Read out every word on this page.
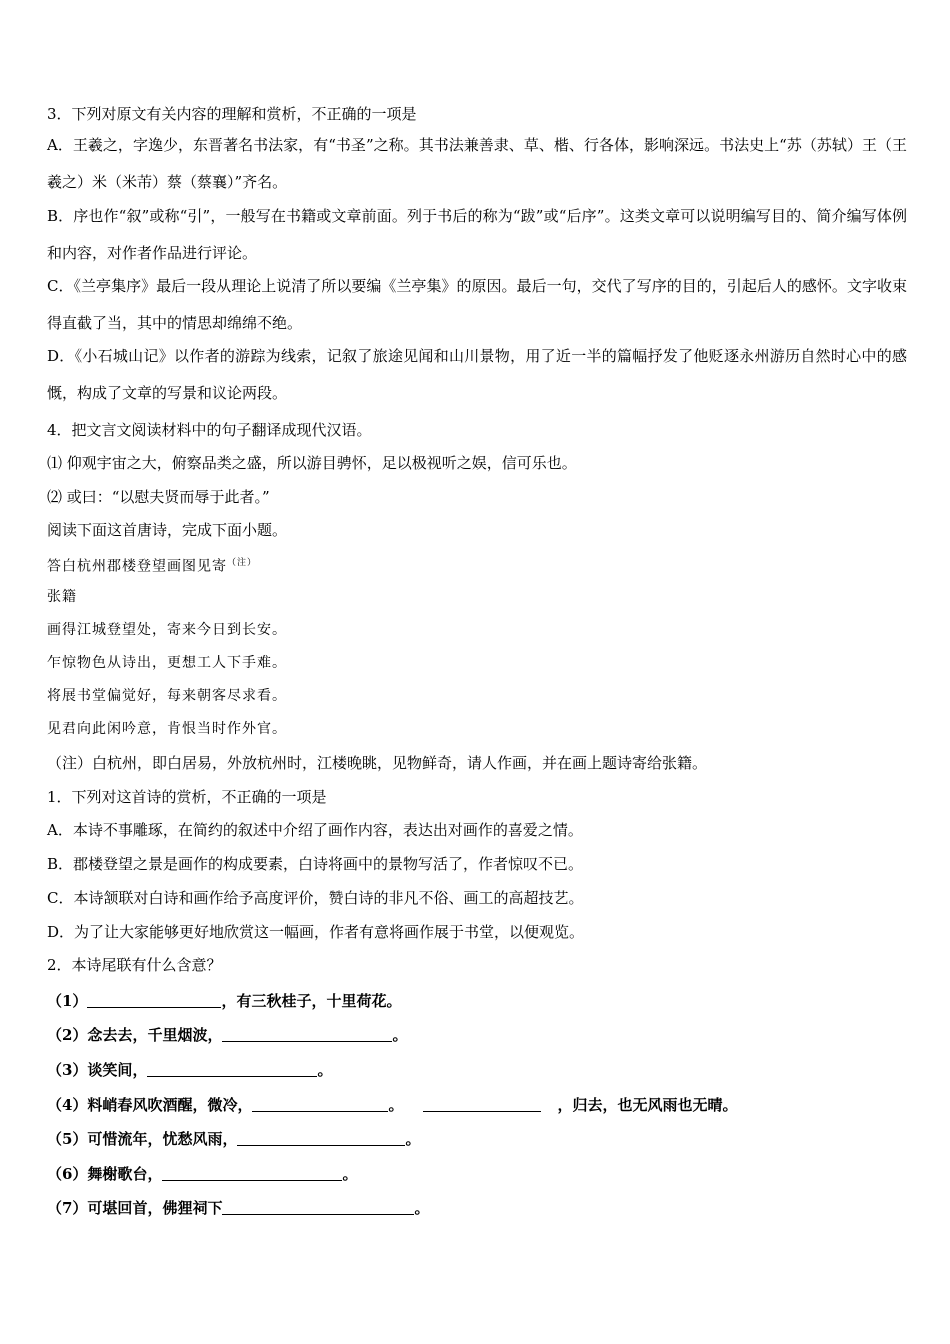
3．下列对原文有关内容的理解和赏析，不正确的一项是
A．王羲之，字逸少，东晋著名书法家，有“书圣”之称。其书法兼善隶、草、楷、行各体，影响深远。书法史上“苏（苏轼）王（王羲之）米（米芾）蔡（蔡襄）”齐名。
B．序也作“叙”或称“引”，一般写在书籍或文章前面。列于书后的称为“跋”或“后序”。这类文章可以说明编写目的、简介编写体例和内容，对作者作品进行评论。
C．《兰亭集序》最后一段从理论上说清了所以要编《兰亭集》的原因。最后一句，交代了写序的目的，引起后人的感怀。文字收束得直截了当，其中的情思却绵绵不绝。
D．《小石城山记》以作者的游踪为线索，记叙了旅途见闻和山川景物，用了近一半的篇幅抒发了他贬逐永州游历自然时心中的感慨，构成了文章的写景和议论两段。
4．把文言文阅读材料中的句子翻译成现代汉语。
⑴ 仰观宇宙之大，俯察品类之盛，所以游目骋怀，足以极视听之娱，信可乐也。
⑵ 或曰：“以慰夫贤而辱于此者。”
阅读下面这首唐诗，完成下面小题。
答白杭州郡楼登望画图见寄$^{(注)}$
张籍
画得江城登望处，寄来今日到长安。
乍惊物色从诗出，更想工人下手难。
将展书堂偏觉好，每来朝客尽求看。
见君向此闲吟意，肯恨当时作外官。
（注）白杭州，即白居易，外放杭州时，江楼晚眺，见物鲜奇，请人作画，并在画上题诗寄给张籍。
1．下列对这首诗的赏析，不正确的一项是
A．本诗不事雕琢，在简约的叙述中介绍了画作内容，表达出对画作的喜爱之情。
B．郡楼登望之景是画作的构成要素，白诗将画中的景物写活了，作者惊叹不已。
C．本诗颔联对白诗和画作给予高度评价，赞白诗的非凡不俗、画工的高超技艺。
D．为了让大家能够更好地欣赏这一幅画，作者有意将画作展于书堂，以便观览。
2．本诗尾联有什么含意？
（1）	，有三秋桂子，十里荷花。
（2）念去去，千里烟波，	。
（3）谈笑间，	。
（4）料峭春风吹酒醒，微冷，	。	，归去，也无风雨也无晴。
（5）可惜流年，忧愁风雨，	。
（6）舞榭歌台，	。
（7）可堪回首，佛狸祠下	。
